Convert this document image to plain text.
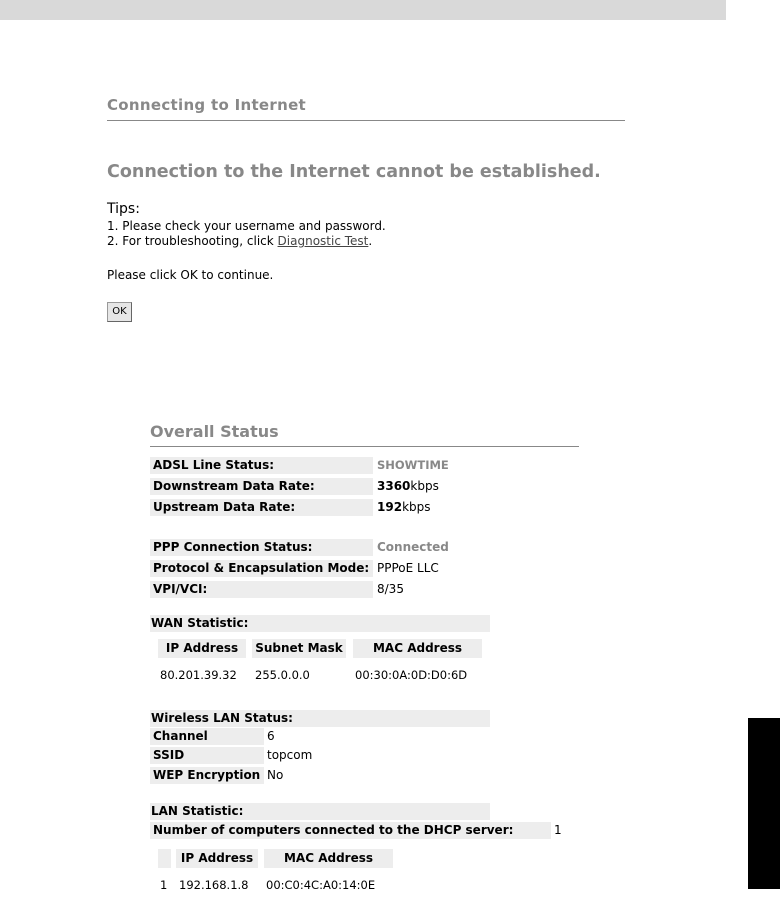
Connecting to Internet
Connection to the Internet cannot be established.
Tips:
1. Please check your username and password.
2. For troubleshooting, click Diagnostic Test.
Please click OK to continue.
OK
Overall Status
ADSL Line Status:	SHOWTIME
Downstream Data Rate:	3360kbps
Upstream Data Rate:	192kbps
PPP Connection Status:	Connected
Protocol & Encapsulation Mode: PPPoE LLC
VPI/VCI:	8/35
WAN Statistic:
IP Address	Subnet Mask	MAC Address
80.201.39.32 255.0.0.0	00:30:0A:0D:D0:6D
Wireless LAN Status:
Channel	6
SSID	topcom
WEP Encryption No
LAN Statistic:
Number of computers connected to the DHCP server:	1
IP Address	MAC Address
1 192.168.1.8 00:C0:4C:A0:14:0E
